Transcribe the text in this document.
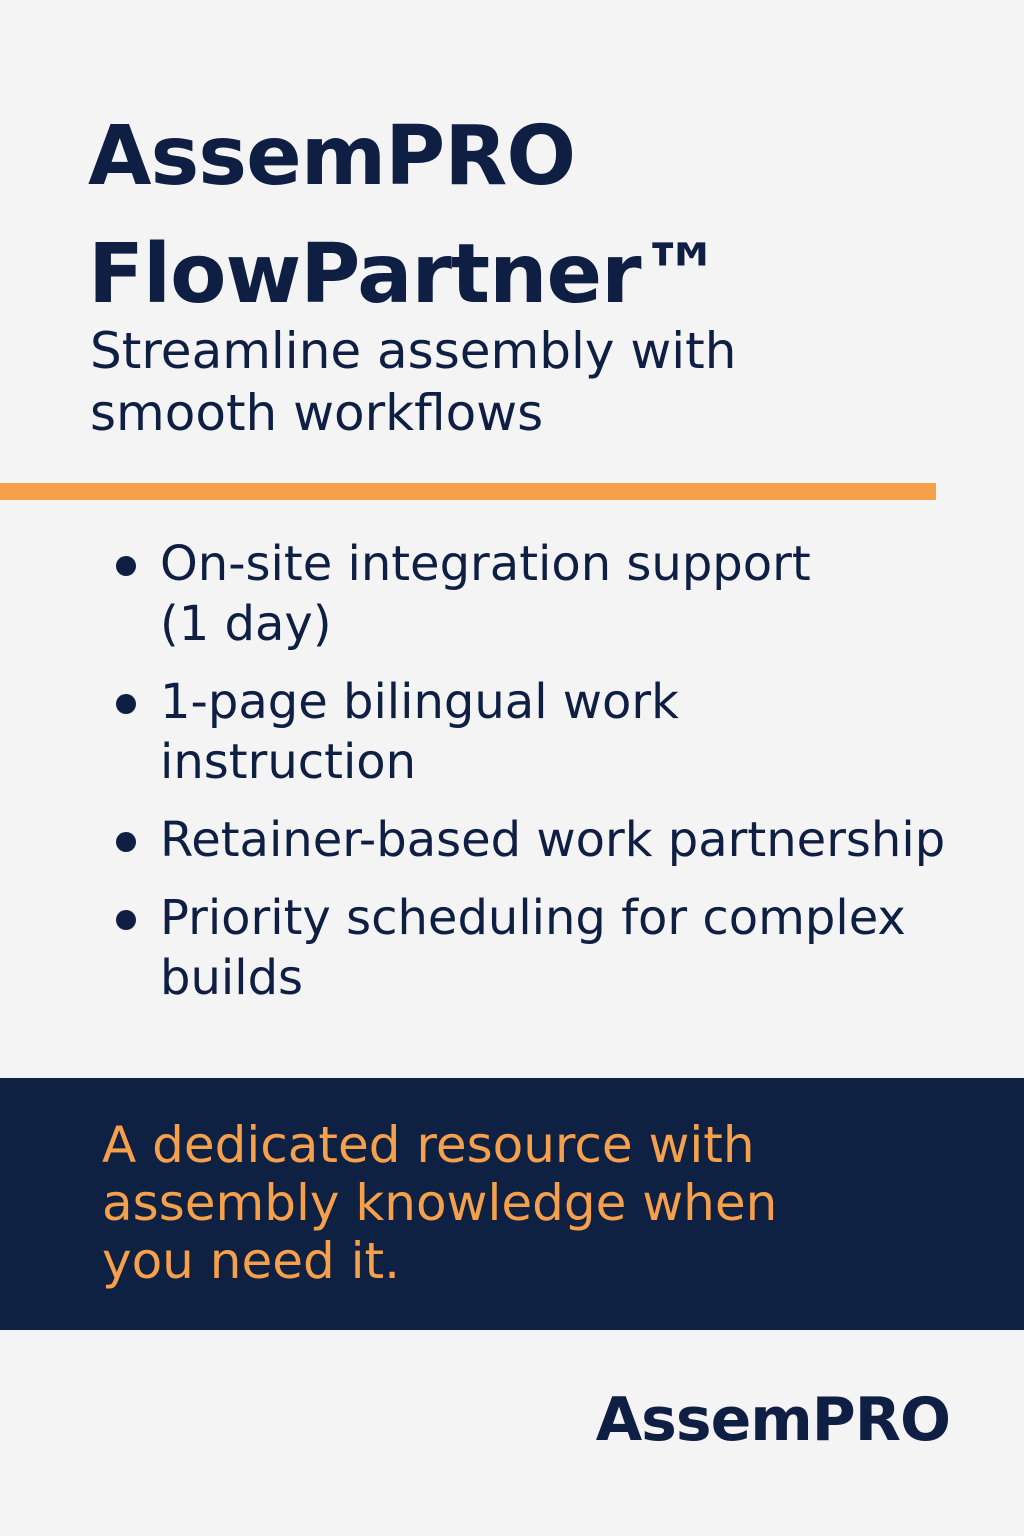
AssemPRO
FlowPartner™

Streamline assembly with
smooth workflows

On-site integration support
(1 day)
1-page bilingual work
instruction
Retainer-based work partnership
Priority scheduling for complex
builds

A dedicated resource with
assembly knowledge when
you need it.

AssemPRO
